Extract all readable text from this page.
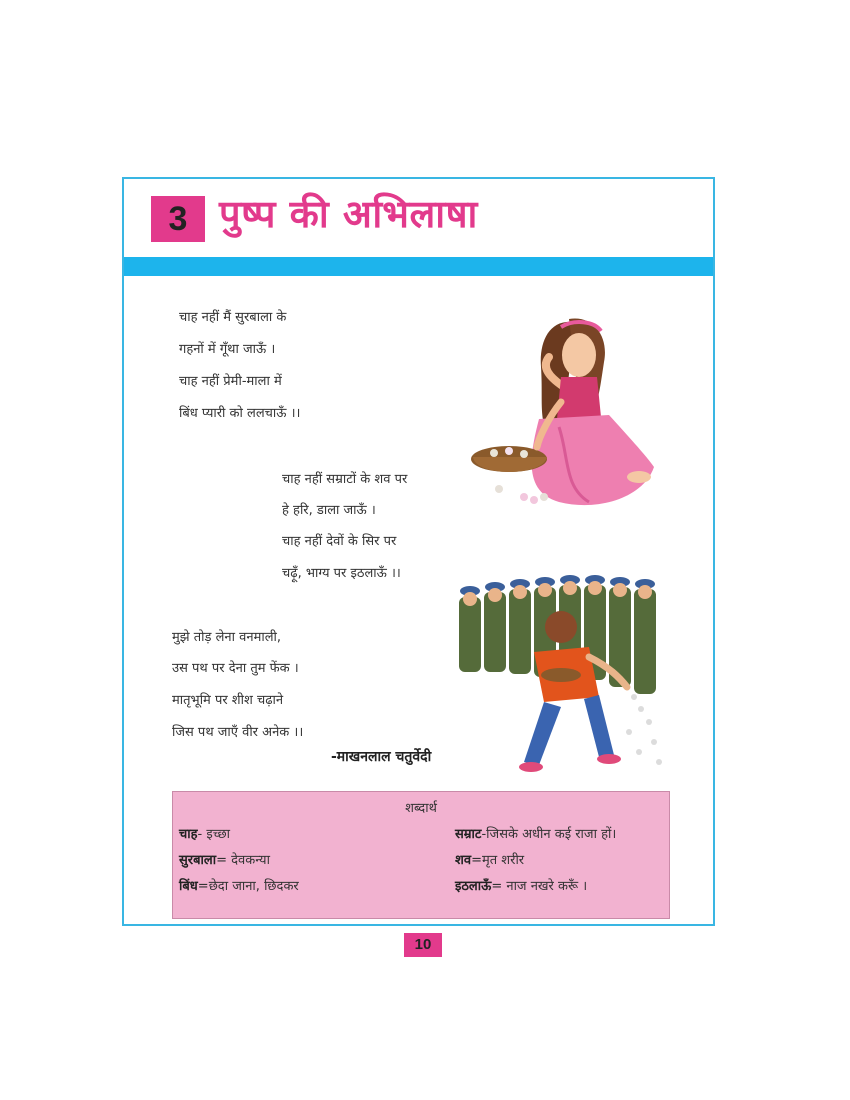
3 पुष्प की अभिलाषा
चाह नहीं मैं सुरबाला के
गहनों में गूँथा जाऊँ ।
चाह नहीं प्रेमी-माला में
बिंध प्यारी को ललचाऊँ ।।
चाह नहीं सम्राटों के शव पर
हे हरि, डाला जाऊँ ।
चाह नहीं देवों के सिर पर
चढ़ूँ, भाग्य पर इठलाऊँ ।।
मुझे तोड़ लेना वनमाली,
उस पथ पर देना तुम फेंक ।
मातृभूमि पर शीश चढ़ाने
जिस पथ जाएँ वीर अनेक ।।
-माखनलाल चतुर्वेदी
शब्दार्थ
चाह- इच्छा	सम्राट-जिसके अधीन कई राजा हों।
सुरबाला= देवकन्या	शव=मृत शरीर
बिंध=छेदा जाना, छिदकर	इठलाऊँ= नाज नखरे करूँ ।
10
